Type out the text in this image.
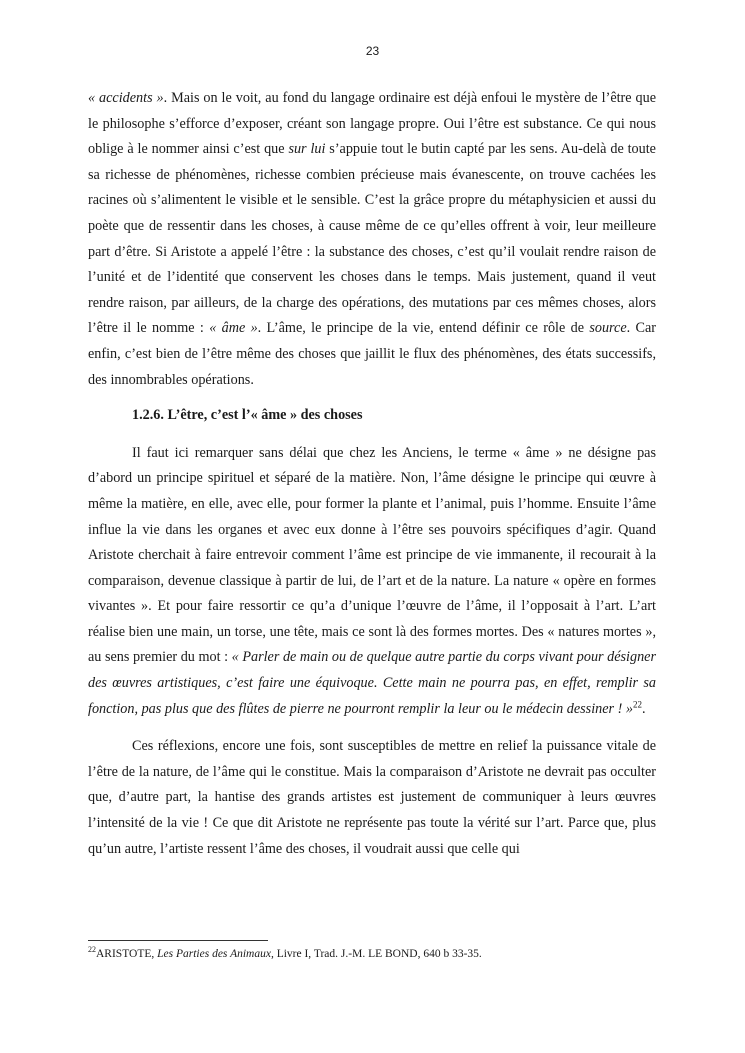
23

« accidents ». Mais on le voit, au fond du langage ordinaire est déjà enfoui le mystère de l’être que le philosophe s’efforce d’exposer, créant son langage propre. Oui l’être est substance. Ce qui nous oblige à le nommer ainsi c’est que sur lui s’appuie tout le butin capté par les sens. Au-delà de toute sa richesse de phénomènes, richesse combien précieuse mais évanescente, on trouve cachées les racines où s’alimentent le visible et le sensible. C’est la grâce propre du métaphysicien et aussi du poète que de ressentir dans les choses, à cause même de ce qu’elles offrent à voir, leur meilleure part d’être. Si Aristote a appelé l’être : la substance des choses, c’est qu’il voulait rendre raison de l’unité et de l’identité que conservent les choses dans le temps. Mais justement, quand il veut rendre raison, par ailleurs, de la charge des opérations, des mutations par ces mêmes choses, alors l’être il le nomme : « âme ». L’âme, le principe de la vie, entend définir ce rôle de source. Car enfin, c’est bien de l’être même des choses que jaillit le flux des phénomènes, des états successifs, des innombrables opérations.

1.2.6. L’être, c’est l’« âme » des choses

Il faut ici remarquer sans délai que chez les Anciens, le terme « âme » ne désigne pas d’abord un principe spirituel et séparé de la matière. Non, l’âme désigne le principe qui œuvre à même la matière, en elle, avec elle, pour former la plante et l’animal, puis l’homme. Ensuite l’âme influe la vie dans les organes et avec eux donne à l’être ses pouvoirs spécifiques d’agir. Quand Aristote cherchait à faire entrevoir comment l’âme est principe de vie immanente, il recourait à la comparaison, devenue classique à partir de lui, de l’art et de la nature. La nature « opère en formes vivantes ». Et pour faire ressortir ce qu’a d’unique l’œuvre de l’âme, il l’opposait à l’art. L’art réalise bien une main, un torse, une tête, mais ce sont là des formes mortes. Des « natures mortes », au sens premier du mot : « Parler de main ou de quelque autre partie du corps vivant pour désigner des œuvres artistiques, c’est faire une équivoque. Cette main ne pourra pas, en effet, remplir sa fonction, pas plus que des flûtes de pierre ne pourront remplir la leur ou le médecin dessiner ! »$^{22}$.

Ces réflexions, encore une fois, sont susceptibles de mettre en relief la puissance vitale de l’être de la nature, de l’âme qui le constitue. Mais la comparaison d’Aristote ne devrait pas occulter que, d’autre part, la hantise des grands artistes est justement de communiquer à leurs œuvres l’intensité de la vie ! Ce que dit Aristote ne représente pas toute la vérité sur l’art. Parce que, plus qu’un autre, l’artiste ressent l’âme des choses, il voudrait aussi que celle qui

$^{22}$ARISTOTE, Les Parties des Animaux, Livre I, Trad. J.-M. LE BOND, 640 b 33-35.
